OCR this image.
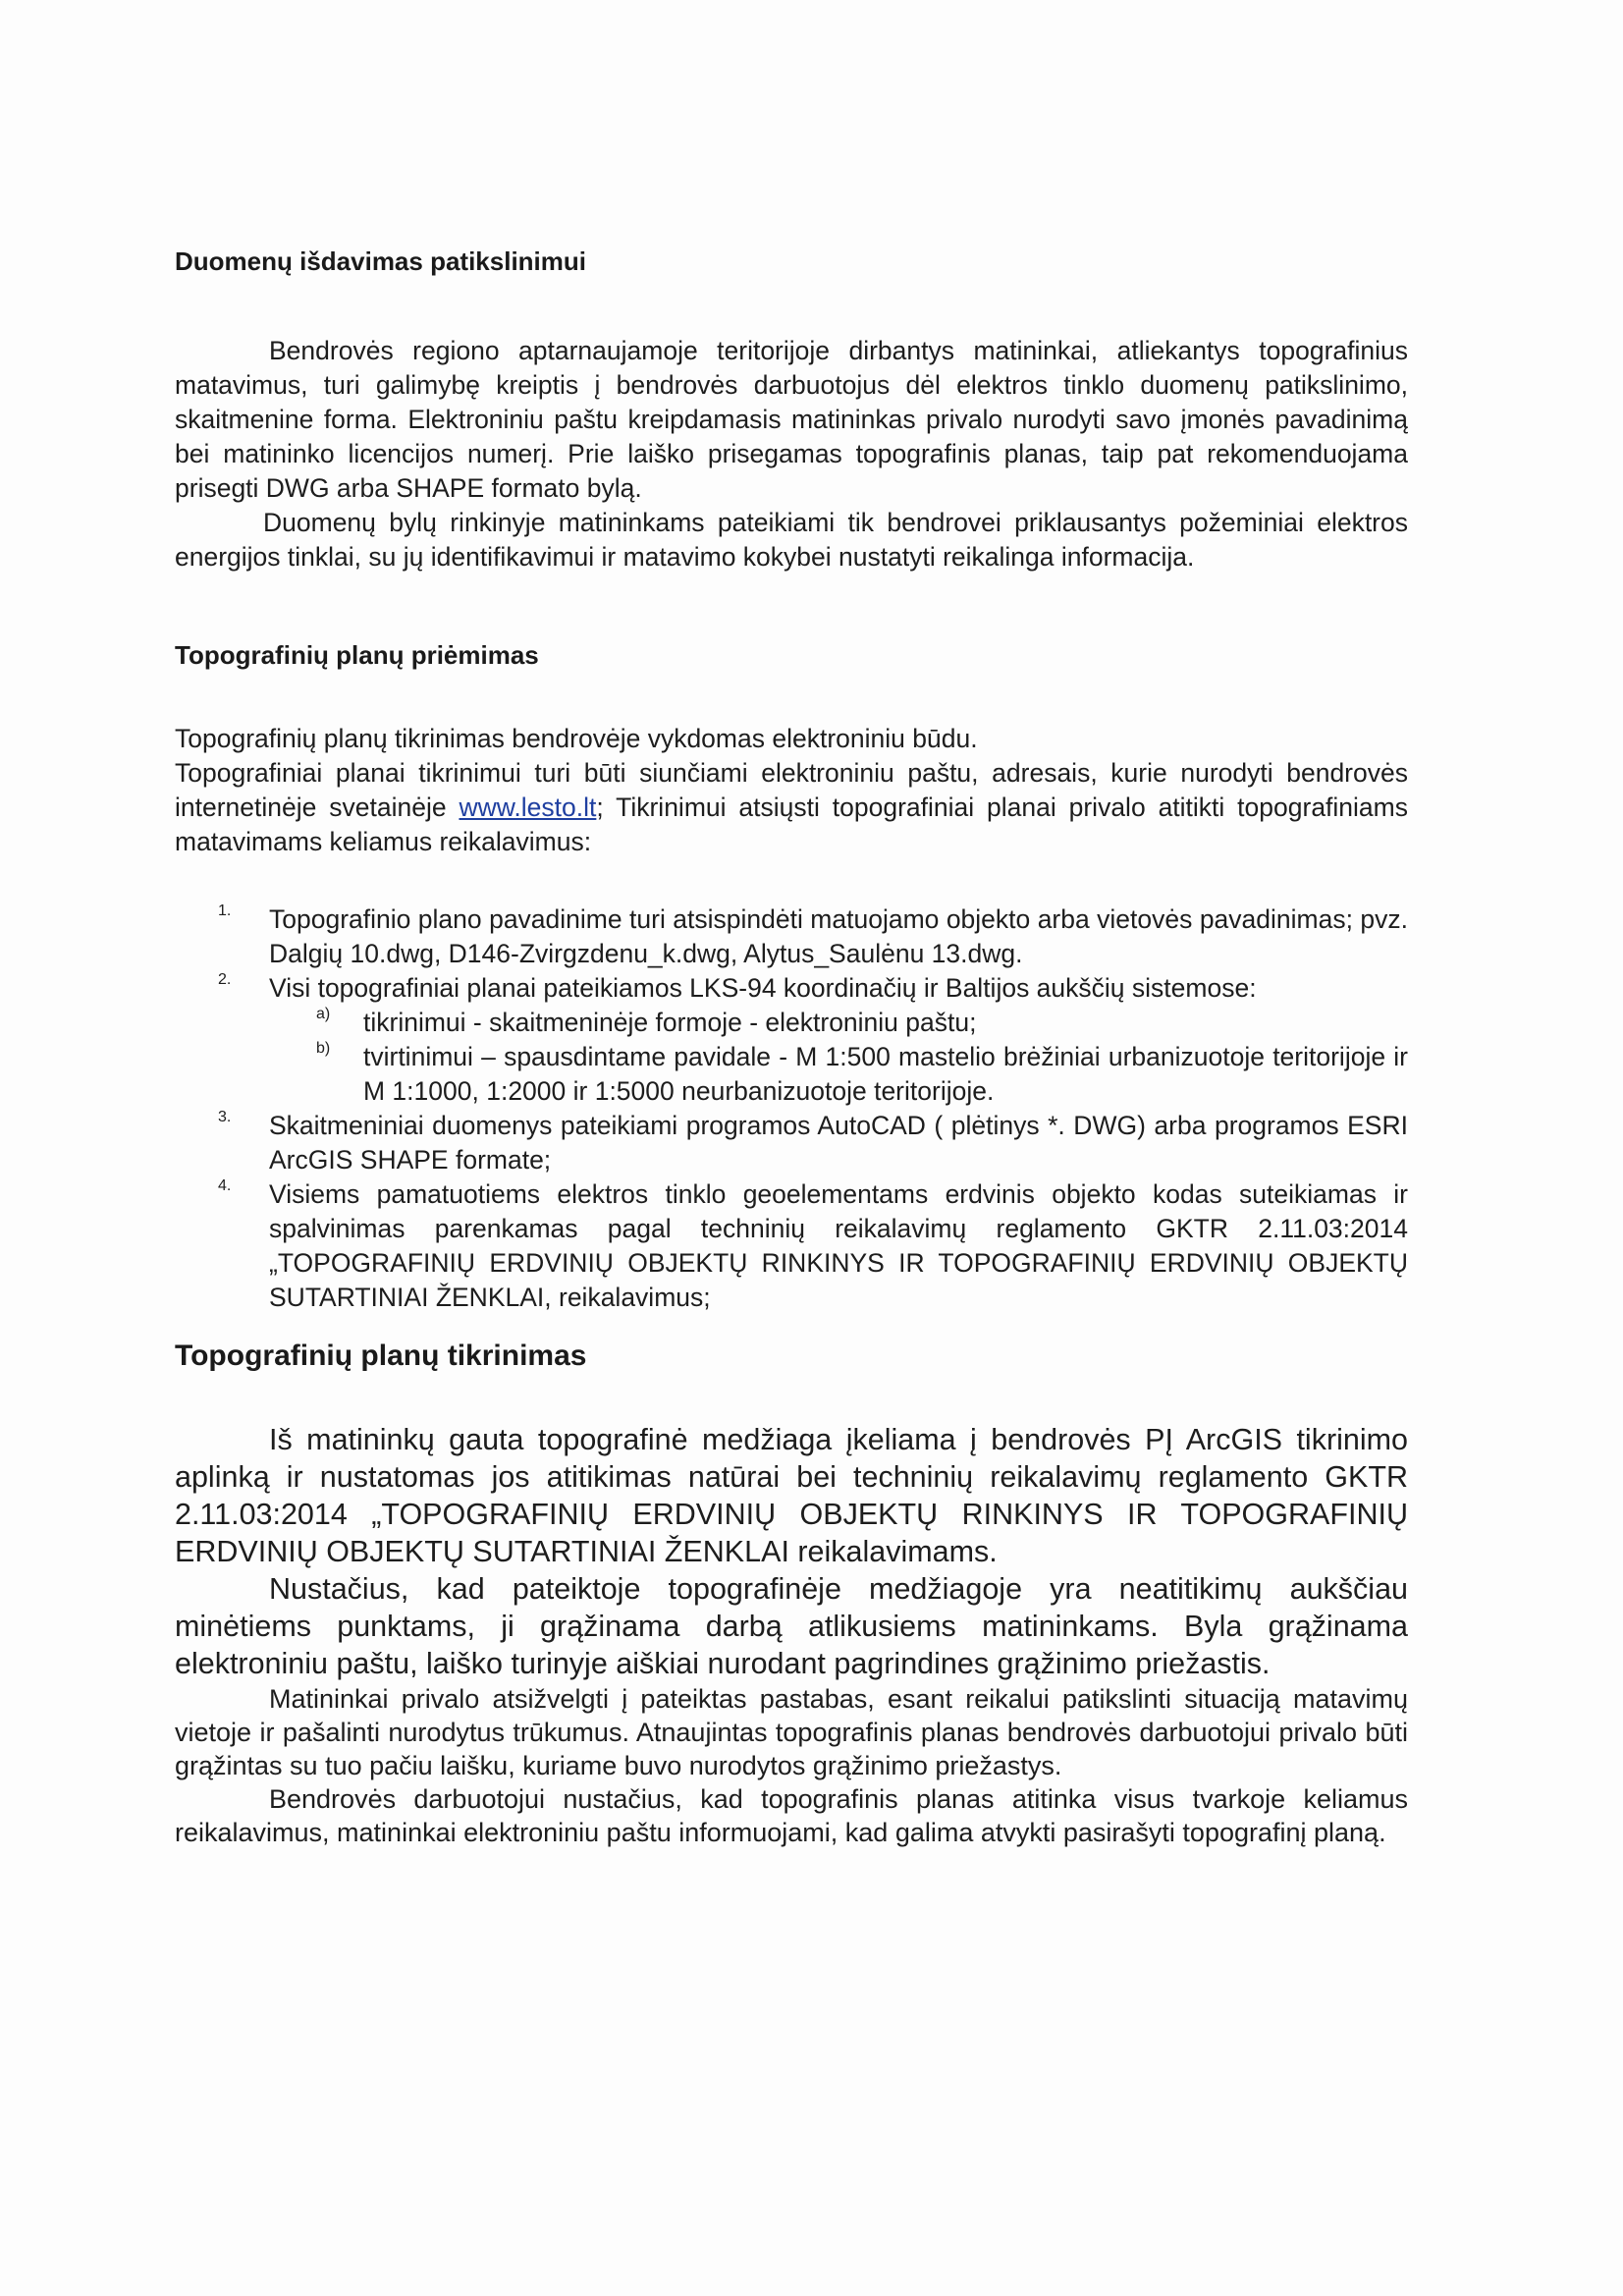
Duomenų išdavimas patikslinimui

Bendrovės regiono aptarnaujamoje teritorijoje dirbantys matininkai, atliekantys topografinius matavimus, turi galimybę kreiptis į bendrovės darbuotojus dėl elektros tinklo duomenų patikslinimo, skaitmenine forma. Elektroniniu paštu kreipdamasis matininkas privalo nurodyti savo įmonės pavadinimą bei matininko licencijos numerį. Prie laiško prisegamas topografinis planas, taip pat rekomenduojama prisegti DWG arba SHAPE formato bylą.

Duomenų bylų rinkinyje matininkams pateikiami tik bendrovei priklausantys požeminiai elektros energijos tinklai, su jų identifikavimui ir matavimo kokybei nustatyti reikalinga informacija.

Topografinių planų priėmimas

Topografinių planų tikrinimas bendrovėje vykdomas elektroniniu būdu.

Topografiniai planai tikrinimui turi būti siunčiami elektroniniu paštu, adresais, kurie nurodyti bendrovės internetinėje svetainėje www.lesto.lt; Tikrinimui atsiųsti topografiniai planai privalo atitikti topografiniams matavimams keliamus reikalavimus:

1. Topografinio plano pavadinime turi atsispindėti matuojamo objekto arba vietovės pavadinimas; pvz. Dalgių 10.dwg, D146-Zvirgzdenu_k.dwg, Alytus_Saulėnu 13.dwg.

2. Visi topografiniai planai pateikiamos LKS-94 koordinačių ir Baltijos aukščių sistemose:

a) tikrinimui - skaitmeninėje formoje - elektroniniu paštu;

b) tvirtinimui – spausdintame pavidale - M 1:500 mastelio brėžiniai urbanizuotoje teritorijoje ir M 1:1000, 1:2000 ir 1:5000 neurbanizuotoje teritorijoje.

3. Skaitmeniniai duomenys pateikiami programos AutoCAD ( plėtinys *. DWG) arba programos ESRI ArcGIS SHAPE formate;

4. Visiems pamatuotiems elektros tinklo geoelementams erdvinis objekto kodas suteikiamas ir spalvinimas parenkamas pagal techninių reikalavimų reglamento GKTR 2.11.03:2014 „TOPOGRAFINIŲ ERDVINIŲ OBJEKTŲ RINKINYS IR TOPOGRAFINIŲ ERDVINIŲ OBJEKTŲ SUTARTINIAI ŽENKLAI, reikalavimus;

Topografinių planų tikrinimas

Iš matininkų gauta topografinė medžiaga įkeliama į bendrovės PĮ ArcGIS tikrinimo aplinką ir nustatomas jos atitikimas natūrai bei techninių reikalavimų reglamento GKTR 2.11.03:2014 „TOPOGRAFINIŲ ERDVINIŲ OBJEKTŲ RINKINYS IR TOPOGRAFINIŲ ERDVINIŲ OBJEKTŲ SUTARTINIAI ŽENKLAI reikalavimams.

Nustačius, kad pateiktoje topografinėje medžiagoje yra neatitikimų aukščiau minėtiems punktams, ji grąžinama darbą atlikusiems matininkams. Byla grąžinama elektroniniu paštu, laiško turinyje aiškiai nurodant pagrindines grąžinimo priežastis.

Matininkai privalo atsižvelgti į pateiktas pastabas, esant reikalui patikslinti situaciją matavimų vietoje ir pašalinti nurodytus trūkumus. Atnaujintas topografinis planas bendrovės darbuotojui privalo būti grąžintas su tuo pačiu laišku, kuriame buvo nurodytos grąžinimo priežastys.

Bendrovės darbuotojui nustačius, kad topografinis planas atitinka visus tvarkoje keliamus reikalavimus, matininkai elektroniniu paštu informuojami, kad galima atvykti pasirašyti topografinį planą.
